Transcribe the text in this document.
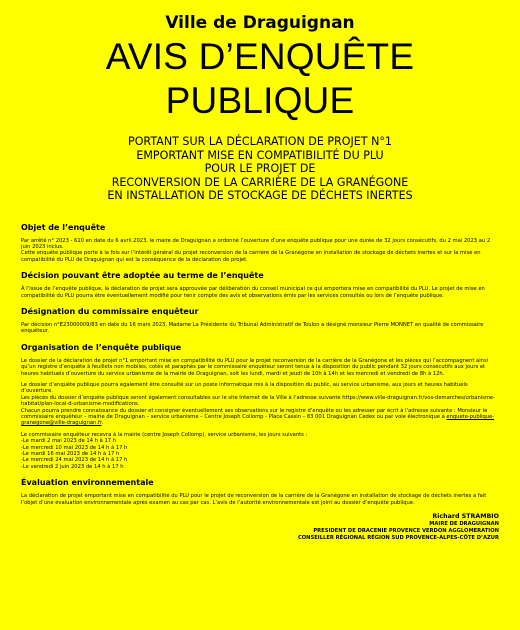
Ville de Draguignan
AVIS D’ENQUÊTE PUBLIQUE
PORTANT SUR LA DÉCLARATION DE PROJET N°1
EMPORTANT MISE EN COMPATIBILITÉ DU PLU
POUR LE PROJET DE
RECONVERSION DE LA CARRIÈRE DE LA GRANÉGONE
EN INSTALLATION DE STOCKAGE DE DÉCHETS INERTES
Objet de l’enquête

Par arrêté n° 2023 - 610 en date du 6 avril 2023, le maire de Draguignan a ordonné l’ouverture d’une enquête publique pour une durée de 32 jours consécutifs, du 2 mai 2023 au 2 juin 2023 inclus.

Cette enquête publique porte à la fois sur l’intérêt général du projet reconversion de la carrière de la Granégone en installation de stockage de déchets inertes et sur la mise en compatibilité du PLU de Draguignan qui est la conséquence de la déclaration de projet.

Décision pouvant être adoptée au terme de l’enquête

À l’issue de l’enquête publique, la déclaration de projet sera approuvée par délibération du conseil municipal ce qui emportera mise en compatibilité du PLU. Le projet de mise en compatibilité du PLU pourra être éventuellement modifié pour tenir compte des avis et observations émis par les services consultés ou lors de l’enquête publique.

Désignation du commissaire enquêteur

Par décision n°E23000009/83 en date du 16 mars 2023, Madame La Présidente du Tribunal Administratif de Toulon a désigné monsieur Pierre MONNET en qualité de commissaire enquêteur.

Organisation de l’enquête publique

Le dossier de la déclaration de projet n°1 emportant mise en compatibilité du PLU pour le projet reconversion de la carrière de la Granégone et les pièces qui l’accompagnent ainsi qu’un registre d’enquête à feuillets non mobiles, cotés et paraphés par le commissaire enquêteur seront tenus à la disposition du public pendant 32 jours consécutifs aux jours et heures habituels d’ouverture du service urbanisme de la mairie de Draguignan, soit les lundi, mardi et jeudi de 10h à 14h et les mercredi et vendredi de 8h à 12h.

Le dossier d’enquête publique pourra également être consulté sur un poste informatique mis à la disposition du public, au service urbanisme, aux jours et heures habituels d’ouverture.

Les pièces du dossier d’enquête publique seront également consultables sur le site Internet de la Ville à l’adresse suivante https://www.ville-draguignan.fr/vos-demarches/urbanisme-habitat/plan-local-d-urbanisme-modifications.

Chacun pourra prendre connaissance du dossier et consigner éventuellement ses observations sur le registre d’enquête ou les adresser par écrit à l’adresse suivante : Monsieur le commissaire enquêteur – mairie de Draguignan – service urbanisme – Centre Joseph Collomp - Place Cassin – 83 001 Draguignan Cedex ou par voie électronique à enquete-publique-granegone@ville-draguignan.fr.

Le commissaire enquêteur recevra à la mairie (centre Joseph Collomp), service urbanisme, les jours suivants :

-Le mardi 2 mai 2023 de 14 h à 17 h
-Le mercredi 10 mai 2023 de 14 h à 17 h
-Le mardi 16 mai 2023 de 14 h à 17 h
-Le mercredi 24 mai 2023 de 14 h à 17 h
-Le vendredi 2 juin 2023 de 14 h à 17 h
Évaluation environnementale

La déclaration de projet emportant mise en compatibilité du PLU pour le projet de reconversion de la carrière de la Granégone en installation de stockage de déchets inertes a fait l’objet d’une évaluation environnementale après examen au cas par cas. L’avis de l’autorité environnementale est joint au dossier d’enquête publique.

Richard STRAMBIO
MAIRE DE DRAGUIGNAN
PRESIDENT DE DRACENIE PROVENCE VERDON AGGLOMERATION
CONSEILLER RÉGIONAL RÉGION SUD PROVENCE-ALPES-CÔTE D’AZUR
